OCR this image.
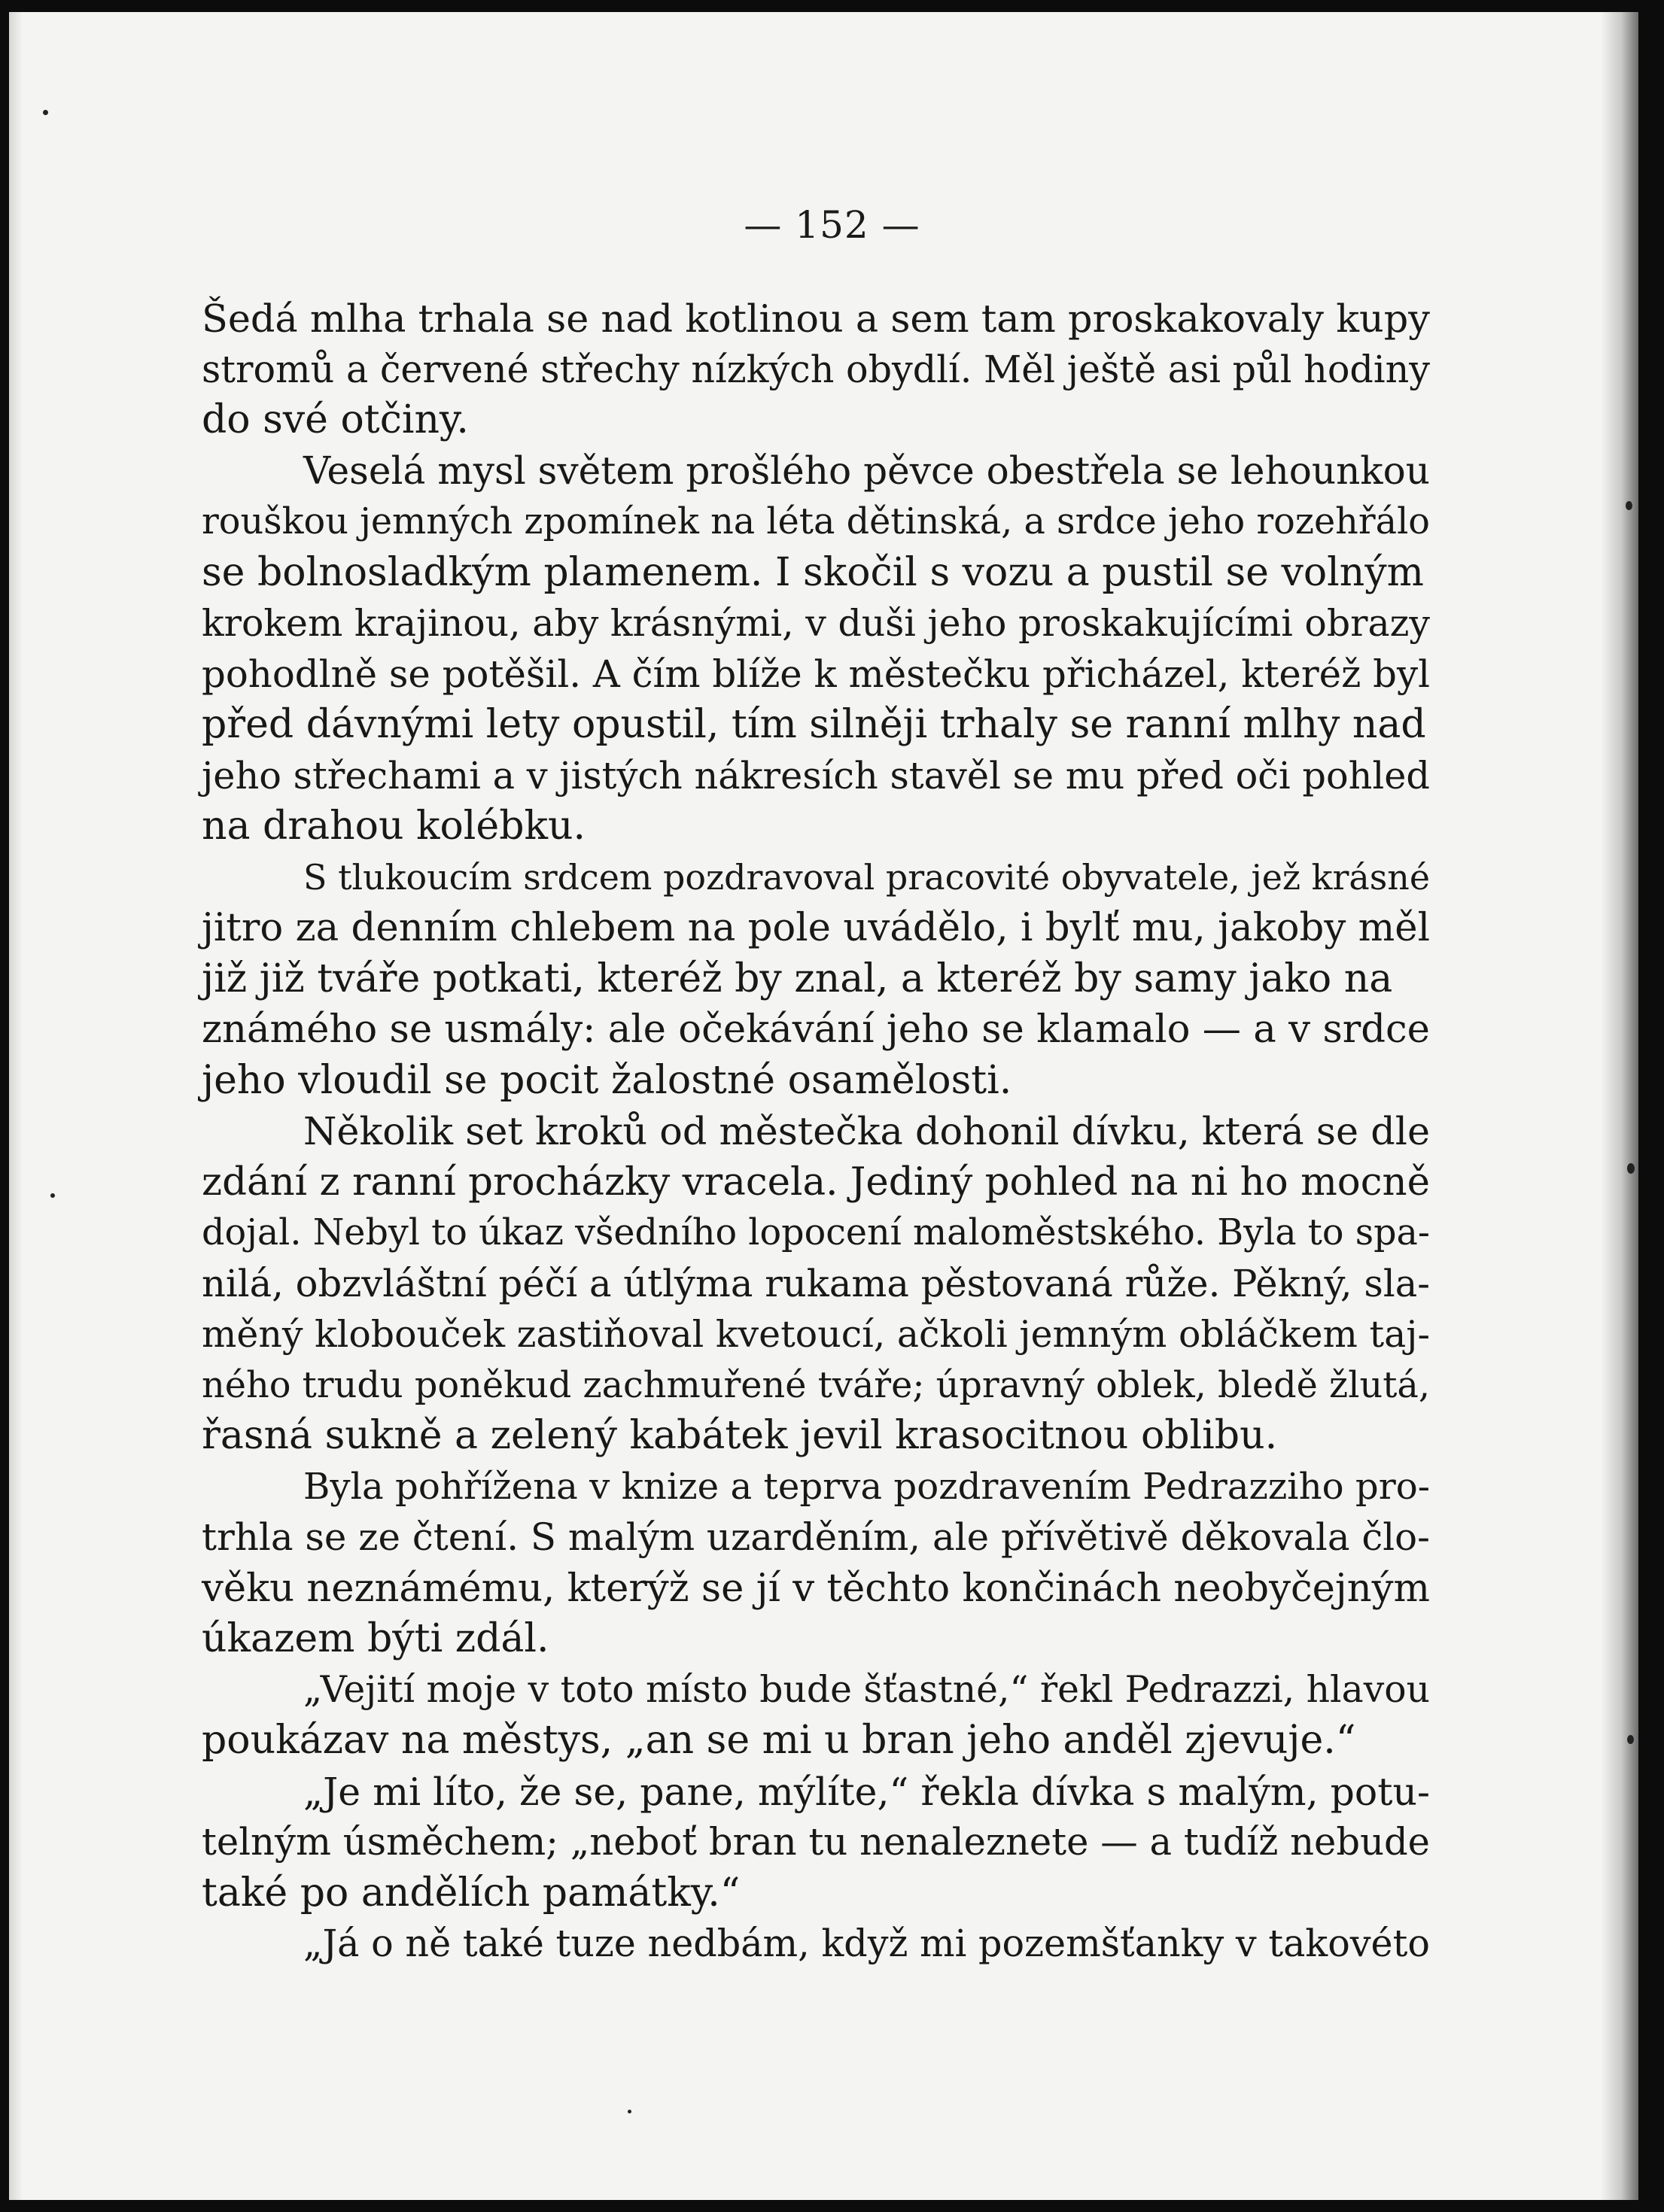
— 152 —
Šedá mlha trhala se nad kotlinou a sem tam proskakovaly kupy
stromů a červené střechy nízkých obydlí. Měl ještě asi půl hodiny
do své otčiny.
Veselá mysl světem prošlého pěvce obestřela se lehounkou
rouškou jemných zpomínek na léta dětinská, a srdce jeho rozehřálo
se bolnosladkým plamenem. I skočil s vozu a pustil se volným
krokem krajinou, aby krásnými, v duši jeho proskakujícími obrazy
pohodlně se potěšil. A čím blíže k městečku přicházel, kteréž byl
před dávnými lety opustil, tím silněji trhaly se ranní mlhy nad
jeho střechami a v jistých nákresích stavěl se mu před oči pohled
na drahou kolébku.
S tlukoucím srdcem pozdravoval pracovité obyvatele, jež krásné
jitro za denním chlebem na pole uvádělo, i bylť mu, jakoby měl
již již tváře potkati, kteréž by znal, a kteréž by samy jako na
známého se usmály: ale očekávání jeho se klamalo — a v srdce
jeho vloudil se pocit žalostné osamělosti.
Několik set kroků od městečka dohonil dívku, která se dle
zdání z ranní procházky vracela. Jediný pohled na ni ho mocně
dojal. Nebyl to úkaz všedního lopocení maloměstského. Byla to spa-
nilá, obzvláštní péčí a útlýma rukama pěstovaná růže. Pěkný, sla-
měný klobouček zastiňoval kvetoucí, ačkoli jemným obláčkem taj-
ného trudu poněkud zachmuřené tváře; úpravný oblek, bledě žlutá,
řasná sukně a zelený kabátek jevil krasocitnou oblibu.
Byla pohřížena v knize a teprva pozdravením Pedrazziho pro-
trhla se ze čtení. S malým uzarděním, ale přívětivě děkovala člo-
věku neznámému, kterýž se jí v těchto končinách neobyčejným
úkazem býti zdál.
„Vejití moje v toto místo bude šťastné,“ řekl Pedrazzi, hlavou
poukázav na městys, „an se mi u bran jeho anděl zjevuje.“
„Je mi líto, že se, pane, mýlíte,“ řekla dívka s malým, potu-
telným úsměchem; „neboť bran tu nenaleznete — a tudíž nebude
také po andělích památky.“
„Já o ně také tuze nedbám, když mi pozemšťanky v takovéto
